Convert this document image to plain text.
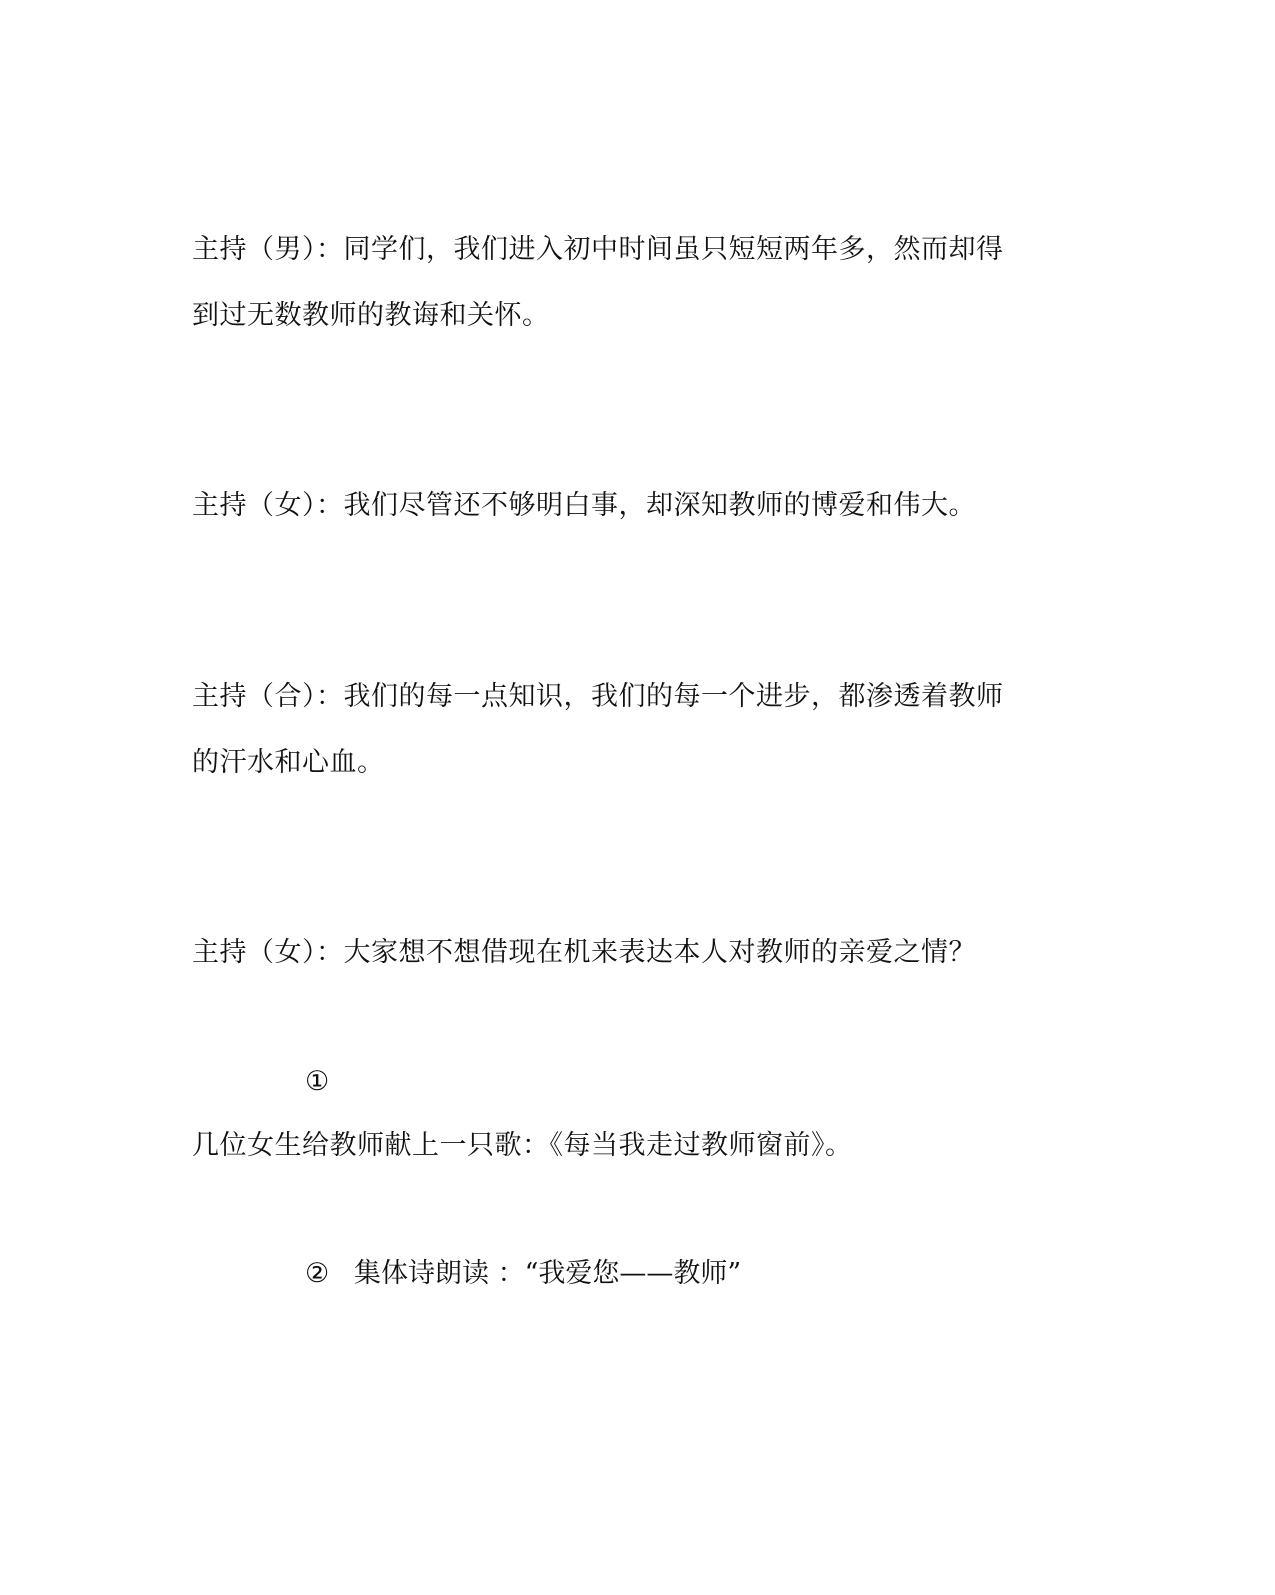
主持（男）：同学们，我们进入初中时间虽只短短两年多，然而却得
到过无数教师的教诲和关怀。
主持（女）：我们尽管还不够明白事，却深知教师的博爱和伟大。
主持（合）：我们的每一点知识，我们的每一个进步，都渗透着教师
的汗水和心血。
主持（女）：大家想不想借现在机来表达本人对教师的亲爱之情？
①
几位女生给教师献上一只歌：《每当我走过教师窗前》。
② 集体诗朗读 ：“我爱您——教师”
